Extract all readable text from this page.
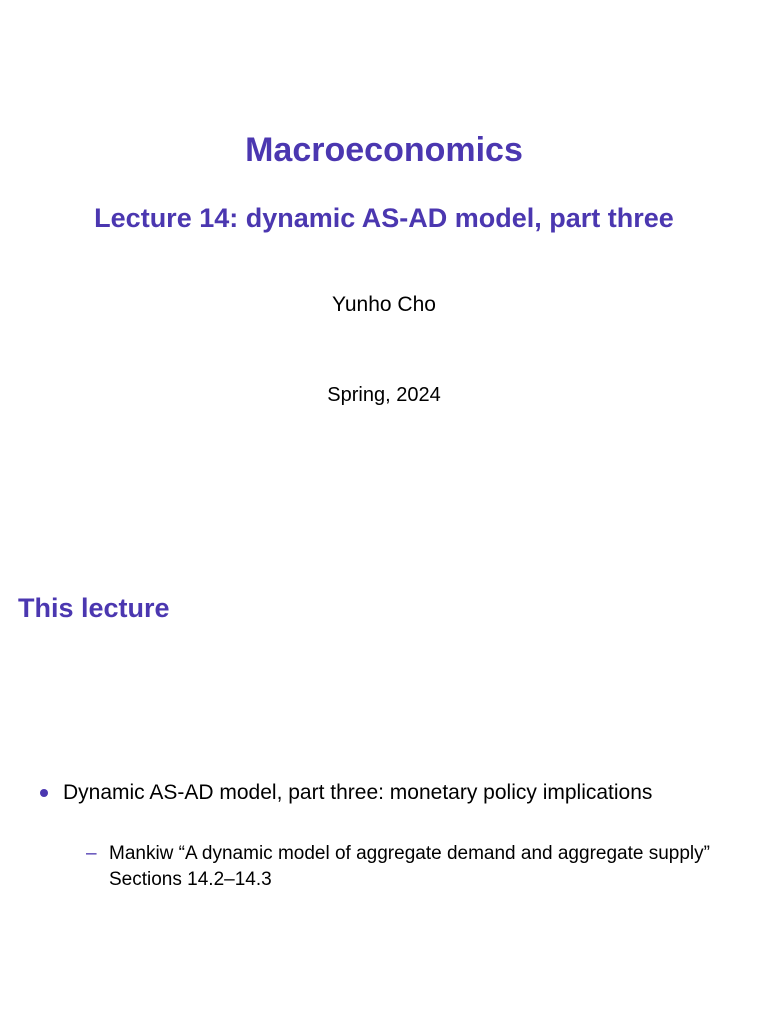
Macroeconomics
Lecture 14: dynamic AS-AD model, part three
Yunho Cho
Spring, 2024
This lecture
Dynamic AS-AD model, part three: monetary policy implications
– Mankiw “A dynamic model of aggregate demand and aggregate supply” Sections 14.2–14.3
